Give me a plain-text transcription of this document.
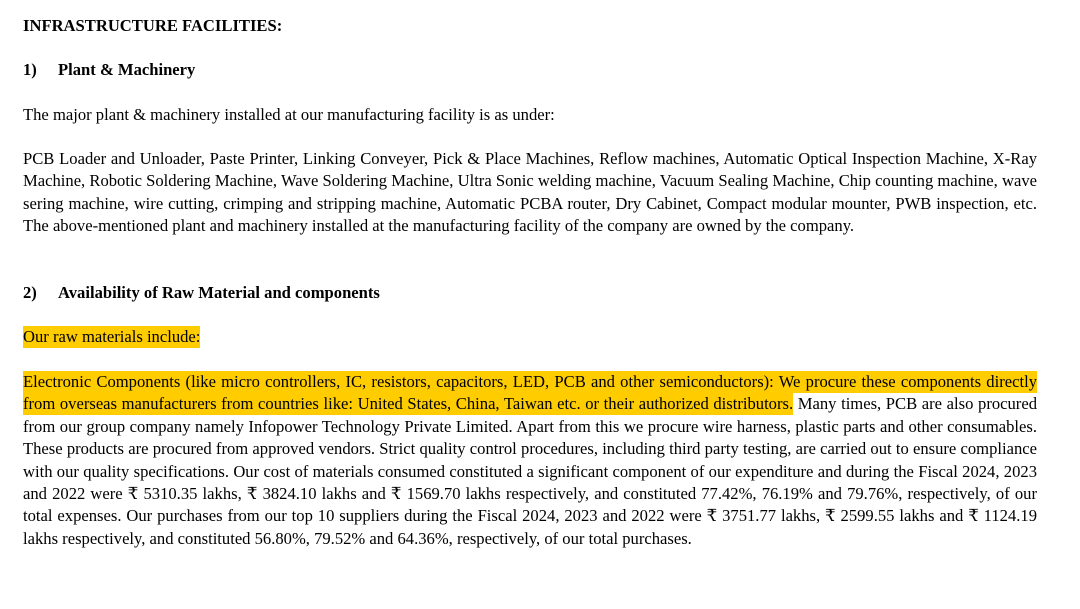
INFRASTRUCTURE FACILITIES:
1) Plant & Machinery

The major plant & machinery installed at our manufacturing facility is as under:

PCB Loader and Unloader, Paste Printer, Linking Conveyer, Pick & Place Machines, Reflow machines, Automatic Optical Inspection Machine, X-Ray Machine, Robotic Soldering Machine, Wave Soldering Machine, Ultra Sonic welding machine, Vacuum Sealing Machine, Chip counting machine, wave sering machine, wire cutting, crimping and stripping machine, Automatic PCBA router, Dry Cabinet, Compact modular mounter, PWB inspection, etc. The above-mentioned plant and machinery installed at the manufacturing facility of the company are owned by the company.

2) Availability of Raw Material and components

Our raw materials include:

Electronic Components (like micro controllers, IC, resistors, capacitors, LED, PCB and other semiconductors): We procure these components directly from overseas manufacturers from countries like: United States, China, Taiwan etc. or their authorized distributors. Many times, PCB are also procured from our group company namely Infopower Technology Private Limited. Apart from this we procure wire harness, plastic parts and other consumables. These products are procured from approved vendors. Strict quality control procedures, including third party testing, are carried out to ensure compliance with our quality specifications. Our cost of materials consumed constituted a significant component of our expenditure and during the Fiscal 2024, 2023 and 2022 were ₹ 5310.35 lakhs, ₹ 3824.10 lakhs and ₹ 1569.70 lakhs respectively, and constituted 77.42%, 76.19% and 79.76%, respectively, of our total expenses. Our purchases from our top 10 suppliers during the Fiscal 2024, 2023 and 2022 were ₹ 3751.77 lakhs, ₹ 2599.55 lakhs and ₹ 1124.19 lakhs respectively, and constituted 56.80%, 79.52% and 64.36%, respectively, of our total purchases.
